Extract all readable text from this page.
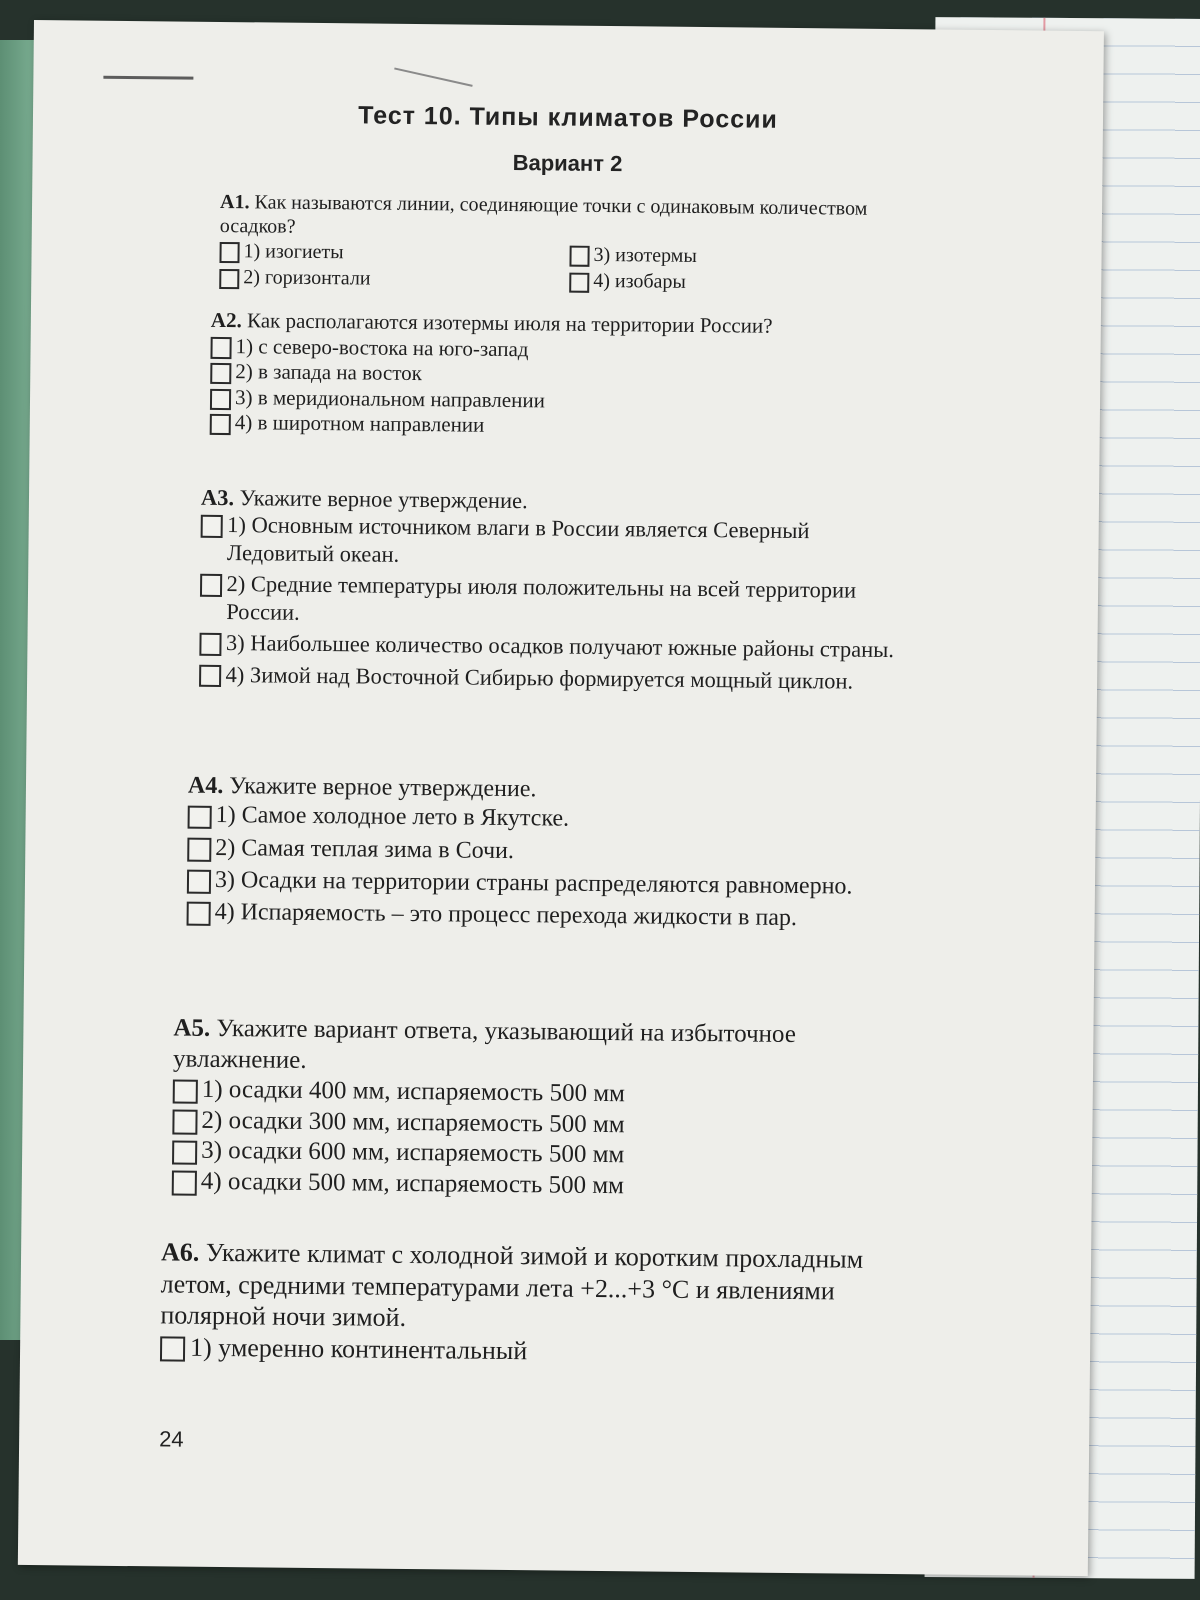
Тест 10. Типы климатов России
Вариант 2

A1. Как называются линии, соединяющие точки с одинаковым количеством осадков?

1) изогиеты	3) изотермы
2) горизонтали	4) изобары

A2. Как располагаются изотермы июля на территории России?

1) с северо-востока на юго-запад
2) в запада на восток
3) в меридиональном направлении
4) в широтном направлении

A3. Укажите верное утверждение.

1) Основным источником влаги в России является Северный Ледовитый океан.
2) Средние температуры июля положительны на всей территории России.
3) Наибольшее количество осадков получают южные районы страны.
4) Зимой над Восточной Сибирью формируется мощный циклон.

A4. Укажите верное утверждение.

1) Самое холодное лето в Якутске.
2) Самая теплая зима в Сочи.
3) Осадки на территории страны распределяются равномерно.
4) Испаряемость – это процесс перехода жидкости в пар.

A5. Укажите вариант ответа, указывающий на избыточное увлажнение.

1) осадки 400 мм, испаряемость 500 мм
2) осадки 300 мм, испаряемость 500 мм
3) осадки 600 мм, испаряемость 500 мм
4) осадки 500 мм, испаряемость 500 мм

A6. Укажите климат с холодной зимой и коротким прохладным летом, средними температурами лета +2...+3 °С и явлениями полярной ночи зимой.

1) умеренно континентальный
24
